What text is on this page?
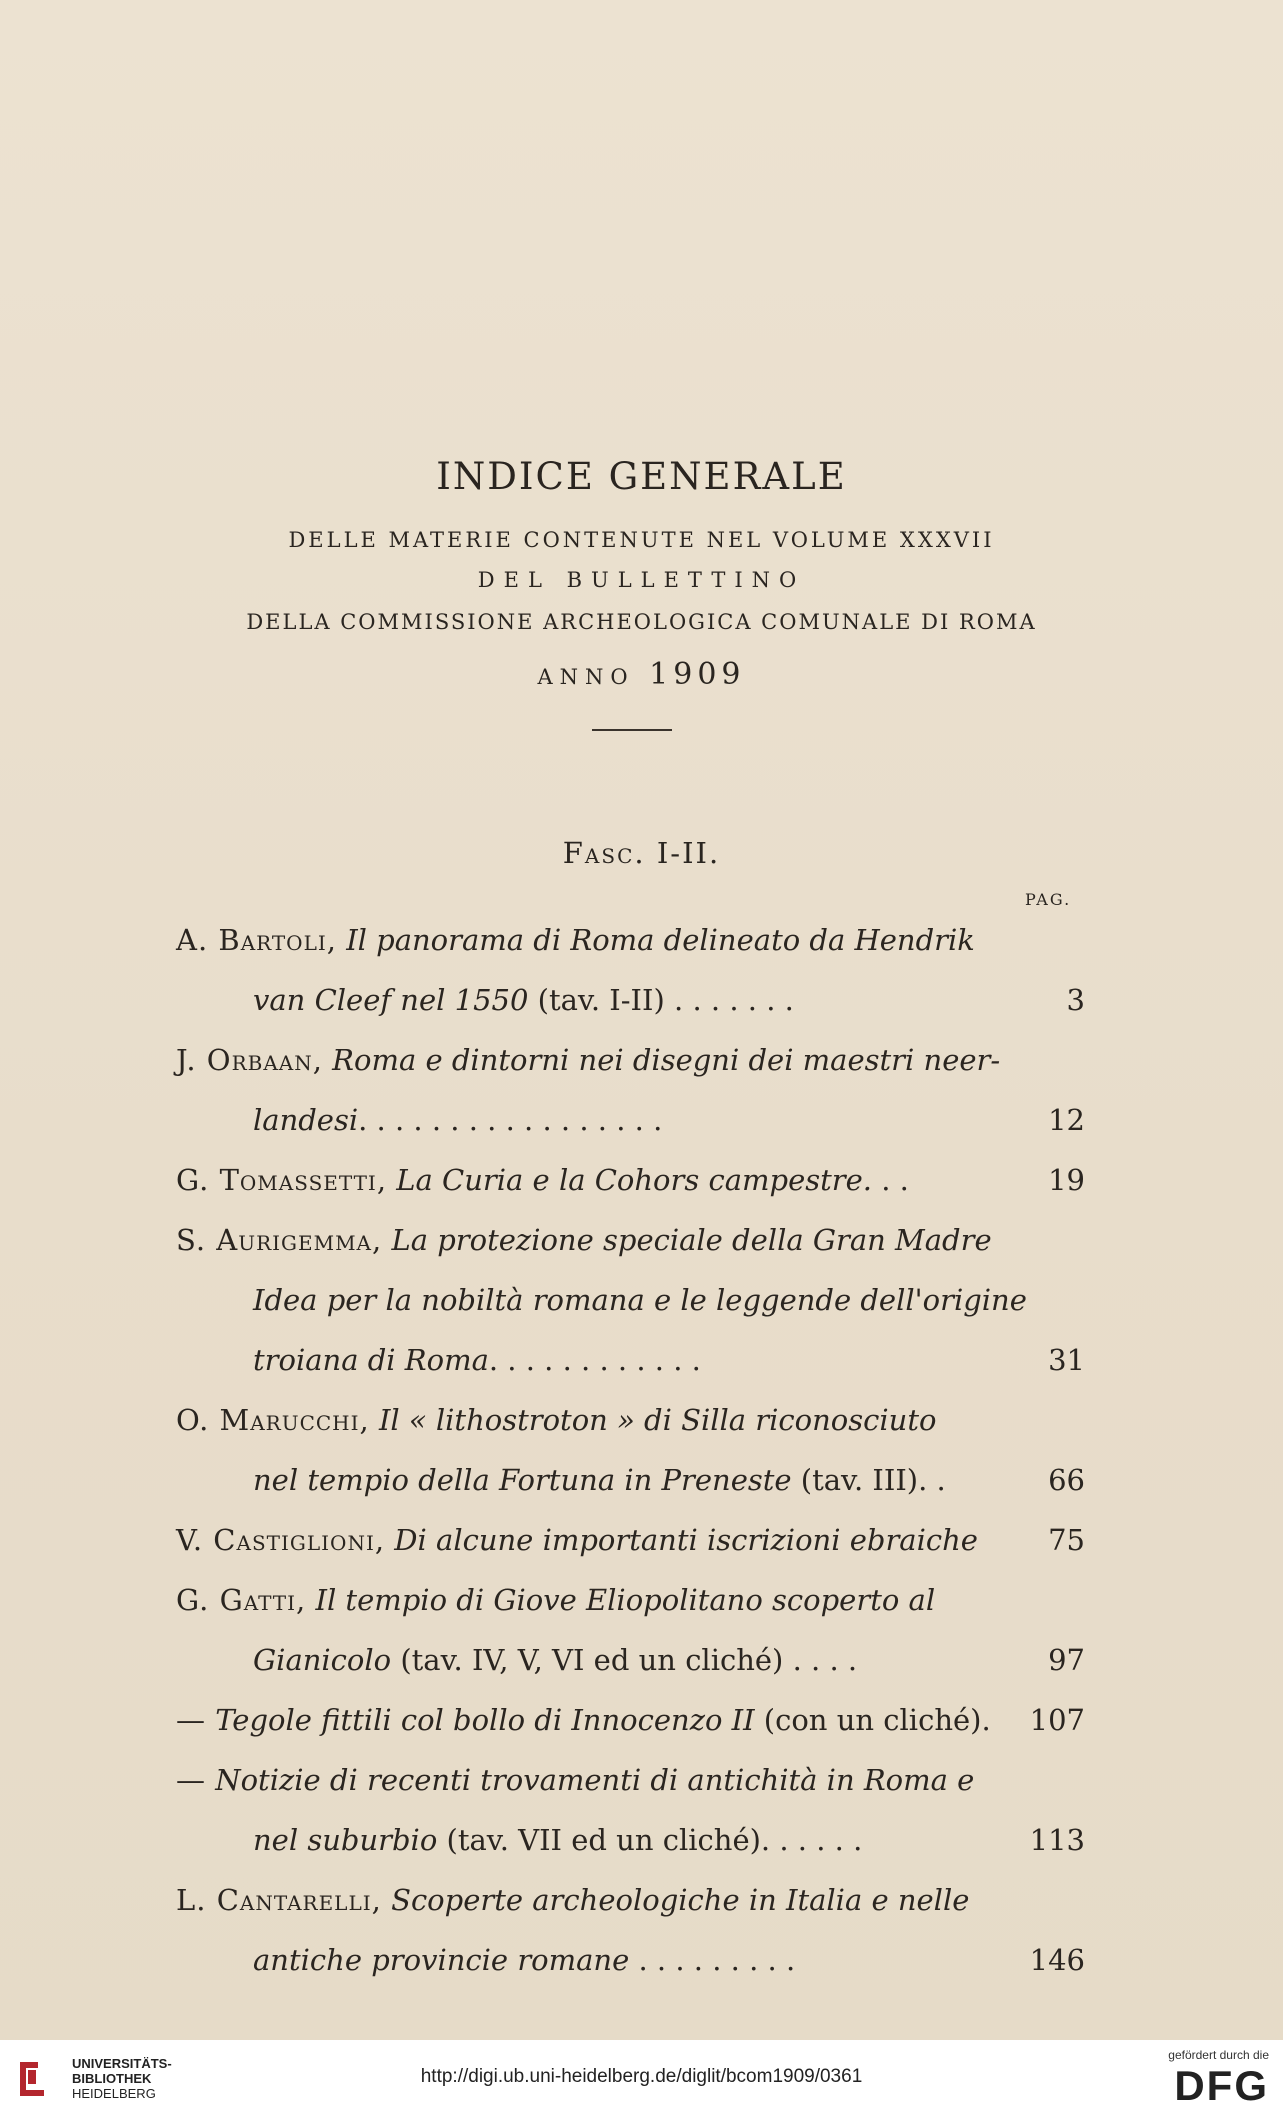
INDICE GENERALE
DELLE MATERIE CONTENUTE NEL VOLUME XXXVII
DEL BULLETTINO
DELLA COMMISSIONE ARCHEOLOGICA COMUNALE DI ROMA
ANNO 1909
Fasc. I-II.
PAG.
A. Bartoli, Il panorama di Roma delineato da Hendrik
van Cleef nel 1550 (tav. I-II) . . . . . . .	3
J. Orbaan, Roma e dintorni nei disegni dei maestri neer-
landesi. . . . . . . . . . . . . . . . .	12
G. Tomassetti, La Curia e la Cohors campestre. . .	19
S. Aurigemma, La protezione speciale della Gran Madre
Idea per la nobiltà romana e le leggende dell'origine
troiana di Roma. . . . . . . . . . . .	31
O. Marucchi, Il « lithostroton » di Silla riconosciuto
nel tempio della Fortuna in Preneste (tav. III). .	66
V. Castiglioni, Di alcune importanti iscrizioni ebraiche 75
G. Gatti, Il tempio di Giove Eliopolitano scoperto al
Gianicolo (tav. IV, V, VI ed un cliché) . . . .	97
— Tegole fittili col bollo di Innocenzo II (con un cliché). 107
— Notizie di recenti trovamenti di antichità in Roma e
nel suburbio (tav. VII ed un cliché). . . . . .	113
L. Cantarelli, Scoperte archeologiche in Italia e nelle
antiche provincie romane . . . . . . . . .	146
UNIVERSITÄTS-
BIBLIOTHEK
HEIDELBERG
http://digi.ub.uni-heidelberg.de/diglit/bcom1909/0361
gefördert durch die
DFG
